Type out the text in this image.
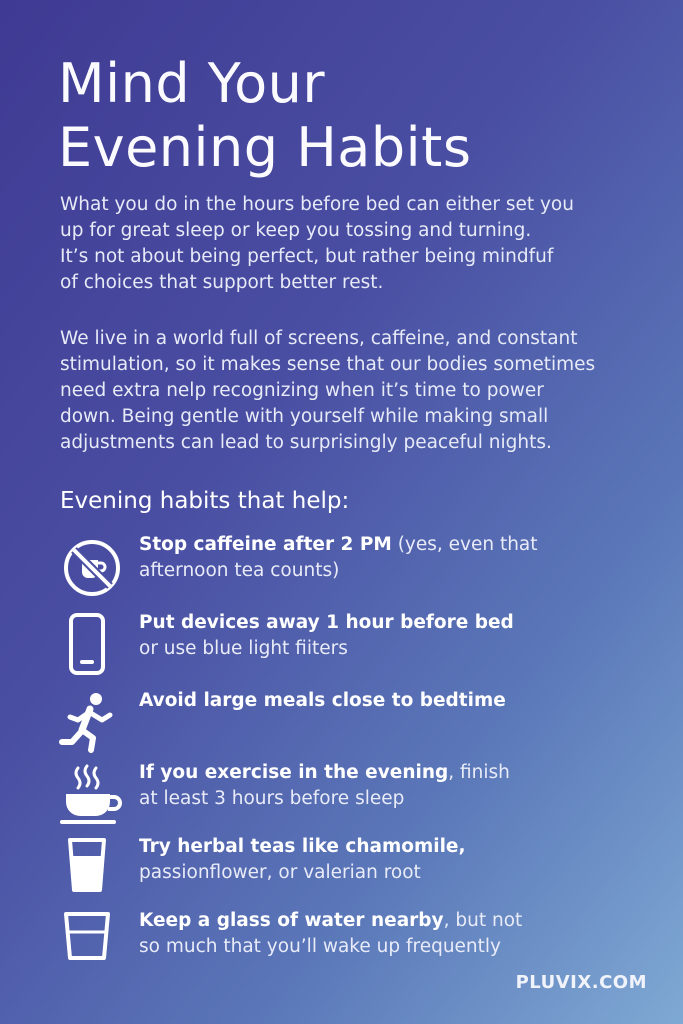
Mind Your
Evening Habits

What you do in the hours before bed can either set you
up for great sleep or keep you tossing and turning.
It’s not about being perfect, but rather being mindfuf
of choices that support better rest.

We live in a world full of screens, caffeine, and constant
stimulation, so it makes sense that our bodies sometimes
need extra nelp recognizing when it’s time to power
down. Being gentle with yourself while making small
adjustments can lead to surprisingly peaceful nights.

Evening habits that help:
Stop caffeine after 2 PM (yes, even that
afternoon tea counts)
Put devices away 1 hour before bed
or use blue light fiiters
Avoid large meals close to bedtime
If you exercise in the evening, finish
at least 3 hours before sleep
Try herbal teas like chamomile,
passionflower, or valerian root
Keep a glass of water nearby, but not
so much that you’ll wake up frequently
PLUVIX.COM
